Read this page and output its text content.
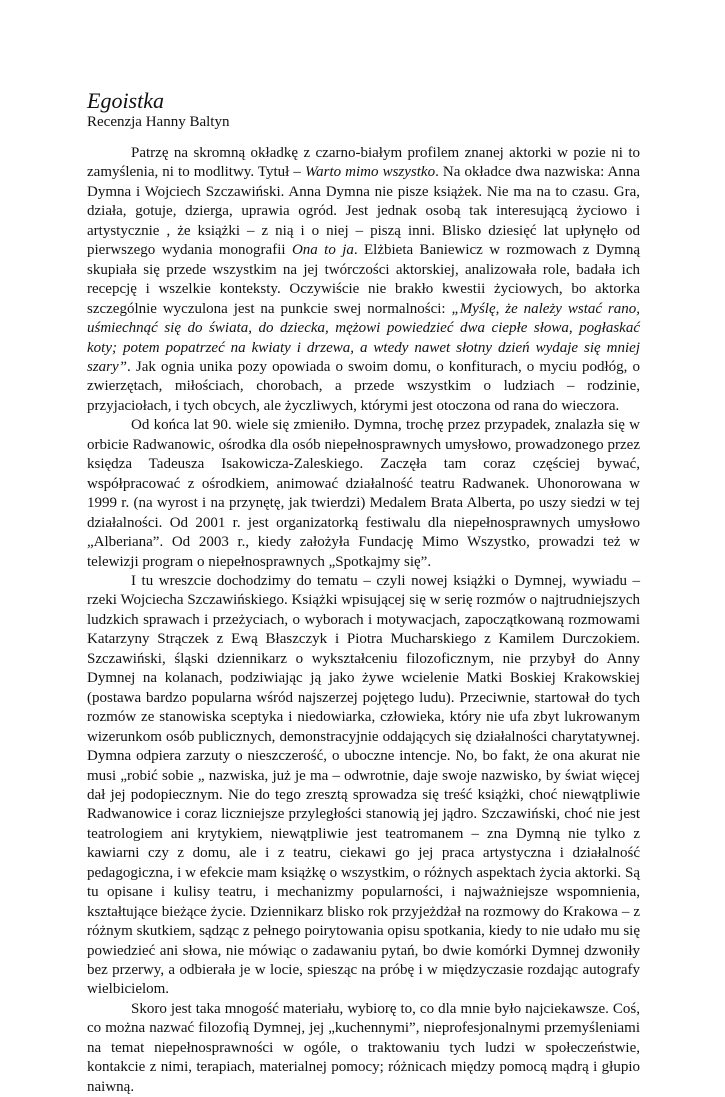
Egoistka

Recenzja Hanny Baltyn

Patrzę na skromną okładkę z czarno-białym profilem znanej aktorki w pozie ni to zamyślenia, ni to modlitwy. Tytuł – Warto mimo wszystko. Na okładce dwa nazwiska: Anna Dymna i Wojciech Szczawiński. Anna Dymna nie pisze książek. Nie ma na to czasu. Gra, działa, gotuje, dzierga, uprawia ogród. Jest jednak osobą tak interesującą życiowo i artystycznie , że książki – z nią i o niej – piszą inni. Blisko dziesięć lat upłynęło od pierwszego wydania monografii Ona to ja. Elżbieta Baniewicz w rozmowach z Dymną skupiała się przede wszystkim na jej twórczości aktorskiej, analizowała role, badała ich recepcję i wszelkie konteksty. Oczywiście nie brakło kwestii życiowych, bo aktorka szczególnie wyczulona jest na punkcie swej normalności: „Myślę, że należy wstać rano, uśmiechnąć się do świata, do dziecka, mężowi powiedzieć dwa ciepłe słowa, pogłaskać koty; potem popatrzeć na kwiaty i drzewa, a wtedy nawet słotny dzień wydaje się mniej szary”. Jak ognia unika pozy opowiada o swoim domu, o konfiturach, o myciu podłóg, o zwierzętach, miłościach, chorobach, a przede wszystkim o ludziach – rodzinie, przyjaciołach, i tych obcych, ale życzliwych, którymi jest otoczona od rana do wieczora.

Od końca lat 90. wiele się zmieniło. Dymna, trochę przez przypadek, znalazła się w orbicie Radwanowic, ośrodka dla osób niepełnosprawnych umysłowo, prowadzonego przez księdza Tadeusza Isakowicza-Zaleskiego. Zaczęła tam coraz częściej bywać, współpracować z ośrodkiem, animować działalność teatru Radwanek. Uhonorowana w 1999 r. (na wyrost i na przynętę, jak twierdzi) Medalem Brata Alberta, po uszy siedzi w tej działalności. Od 2001 r. jest organizatorką festiwalu dla niepełnosprawnych umysłowo „Alberiana”. Od 2003 r., kiedy założyła Fundację Mimo Wszystko, prowadzi też w telewizji program o niepełnosprawnych „Spotkajmy się”.

I tu wreszcie dochodzimy do tematu – czyli nowej książki o Dymnej, wywiadu –rzeki Wojciecha Szczawińskiego. Książki wpisującej się w serię rozmów o najtrudniejszych ludzkich sprawach i przeżyciach, o wyborach i motywacjach, zapoczątkowaną rozmowami Katarzyny Strączek z Ewą Błaszczyk i Piotra Mucharskiego z Kamilem Durczokiem. Szczawiński, śląski dziennikarz o wykształceniu filozoficznym, nie przybył do Anny Dymnej na kolanach, podziwiając ją jako żywe wcielenie Matki Boskiej Krakowskiej (postawa bardzo popularna wśród najszerzej pojętego ludu). Przeciwnie, startował do tych rozmów ze stanowiska sceptyka i niedowiarka, człowieka, który nie ufa zbyt lukrowanym wizerunkom osób publicznych, demonstracyjnie oddających się działalności charytatywnej. Dymna odpiera zarzuty o nieszczerość, o uboczne intencje. No, bo fakt, że ona akurat nie musi „robić sobie „ nazwiska, już je ma – odwrotnie, daje swoje nazwisko, by świat więcej dał jej podopiecznym. Nie do tego zresztą sprowadza się treść książki, choć niewątpliwie Radwanowice i coraz liczniejsze przyległości stanowią jej jądro. Szczawiński, choć nie jest teatrologiem ani krytykiem, niewątpliwie jest teatromanem – zna Dymną nie tylko z kawiarni czy z domu, ale i z teatru, ciekawi go jej praca artystyczna i działalność pedagogiczna, i w efekcie mam książkę o wszystkim, o różnych aspektach życia aktorki. Są tu opisane i kulisy teatru, i mechanizmy popularności, i najważniejsze wspomnienia, kształtujące bieżące życie. Dziennikarz blisko rok przyjeżdżał na rozmowy do Krakowa – z różnym skutkiem, sądząc z pełnego poirytowania opisu spotkania, kiedy to nie udało mu się powiedzieć ani słowa, nie mówiąc o zadawaniu pytań, bo dwie komórki Dymnej dzwoniły bez przerwy, a odbierała je w locie, spiesząc na próbę i w międzyczasie rozdając autografy wielbicielom.

Skoro jest taka mnogość materiału, wybiorę to, co dla mnie było najciekawsze. Coś, co można nazwać filozofią Dymnej, jej „kuchennymi”, nieprofesjonalnymi przemyśleniami na temat niepełnosprawności w ogóle, o traktowaniu tych ludzi w społeczeństwie, kontakcie z nimi, terapiach, materialnej pomocy; różnicach między pomocą mądrą i głupio naiwną.
